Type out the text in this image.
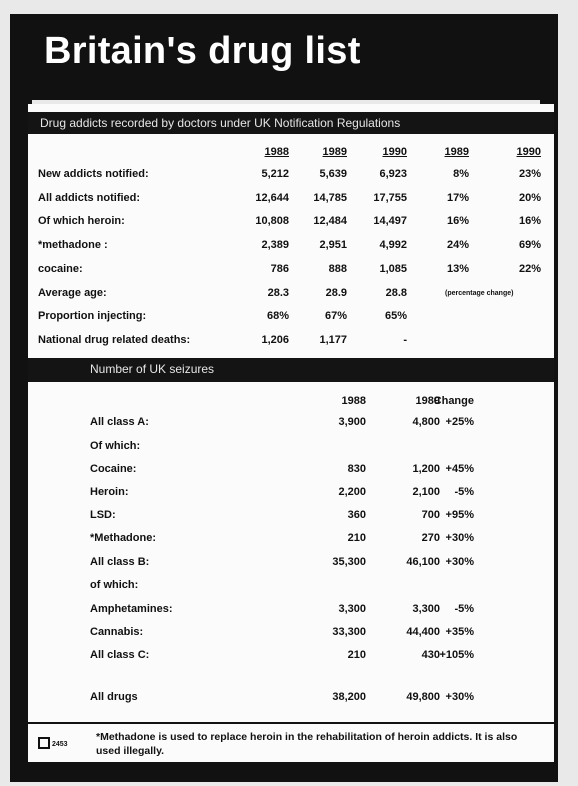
Britain's drug list
Drug addicts recorded by doctors under UK Notification Regulations
1988	1989	1990	1989	1990
New addicts notified:	5,212	5,639	6,923	8%	23%
All addicts notified:	12,644	14,785	17,755	17%	20%
Of which heroin:	10,808	12,484	14,497	16%	16%
*methadone :	2,389	2,951	4,992	24%	69%
cocaine:	786	888	1,085	13%	22%
Average age:	28.3	28.9	28.8
Proportion injecting:	68%	67%	65%
National drug related deaths:	1,206	1,177	-
(percentage change)
Number of UK seizures
1988	1989
Change
All class A:	3,900	4,800 +25%
Of which:
Cocaine:	830	1,200 +45%
Heroin:	2,200	2,100	-5%
LSD:	360	700 +95%
*Methadone:	210	270 +30%
All class B:	35,300	46,100 +30%
of which:
Amphetamines:	3,300	3,300	-5%
Cannabis:	33,300	44,400 +35%
All class C:	210	430 +105%
All drugs	38,200	49,800 +30%
2453
*Methadone is used to replace heroin in the rehabilitation of heroin addicts. It is also used illegally.
